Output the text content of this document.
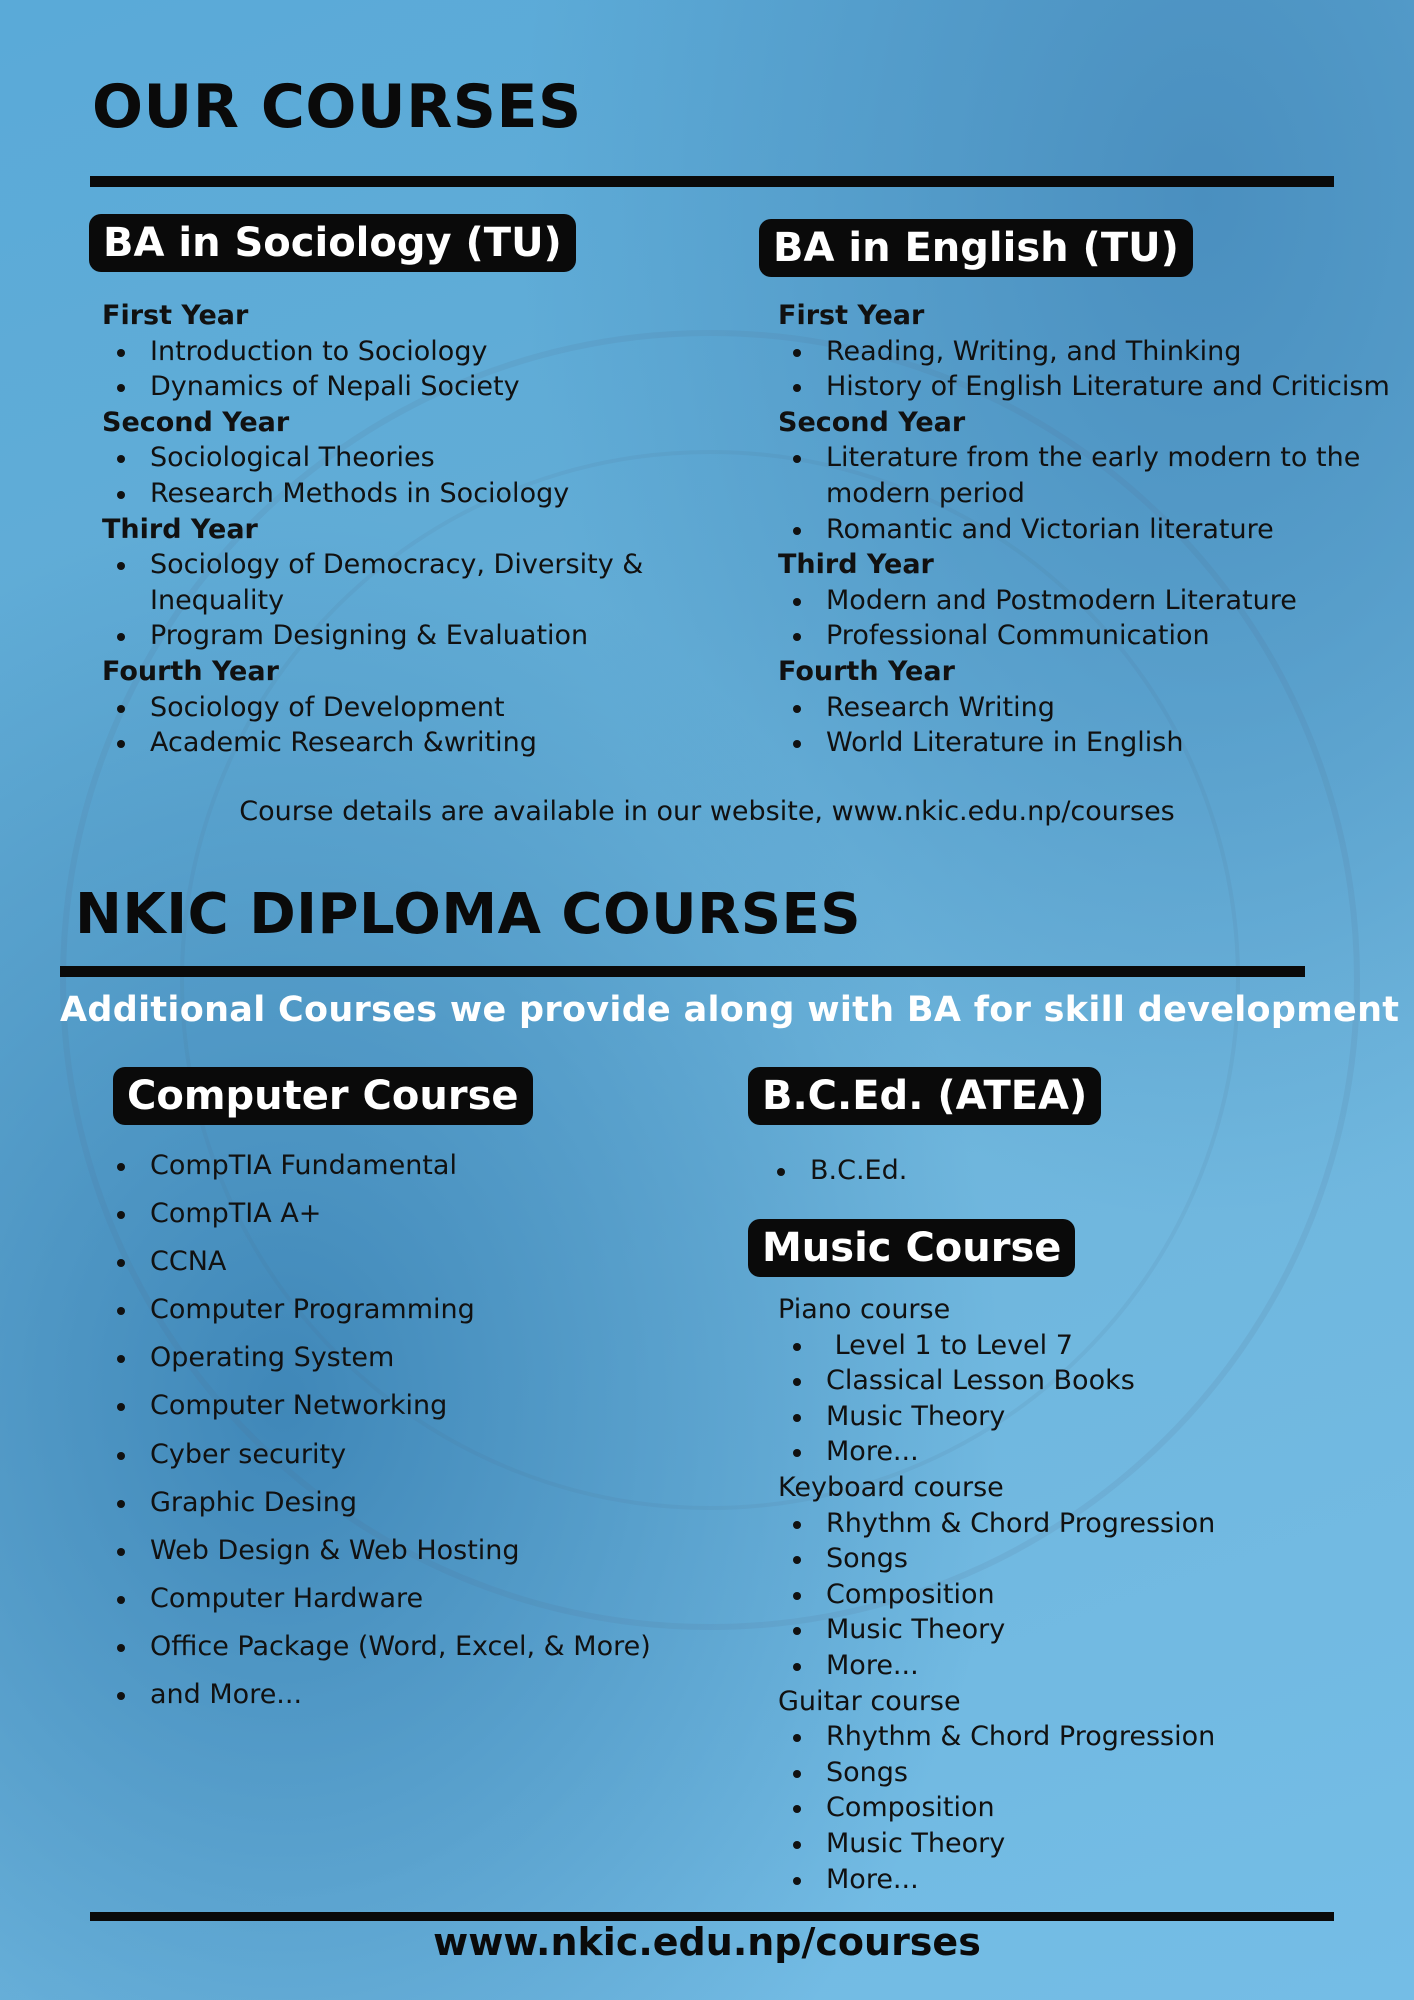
OUR COURSES
BA in Sociology (TU)
First Year
Introduction to Sociology
Dynamics of Nepali Society
Second Year
Sociological Theories
Research Methods in Sociology
Third Year
Sociology of Democracy, Diversity & Inequality
Program Designing & Evaluation
Fourth Year
Sociology of Development
Academic Research &writing
BA in English (TU)
First Year
Reading, Writing, and Thinking
History of English Literature and Criticism
Second Year
Literature from the early modern to the modern period
Romantic and Victorian literature
Third Year
Modern and Postmodern Literature
Professional Communication
Fourth Year
Research Writing
World Literature in English
Course details are available in our website, www.nkic.edu.np/courses
NKIC DIPLOMA COURSES
Additional Courses we provide along with BA for skill development
Computer Course
CompTIA Fundamental
CompTIA A+
CCNA
Computer Programming
Operating System
Computer Networking
Cyber security
Graphic Desing
Web Design & Web Hosting
Computer Hardware
Office Package (Word, Excel, & More)
and More...
B.C.Ed. (ATEA)
B.C.Ed.
Music Course
Piano course
Level 1 to Level 7
Classical Lesson Books
Music Theory
More...
Keyboard course
Rhythm & Chord Progression
Songs
Composition
Music Theory
More...
Guitar course
Rhythm & Chord Progression
Songs
Composition
Music Theory
More...
www.nkic.edu.np/courses
